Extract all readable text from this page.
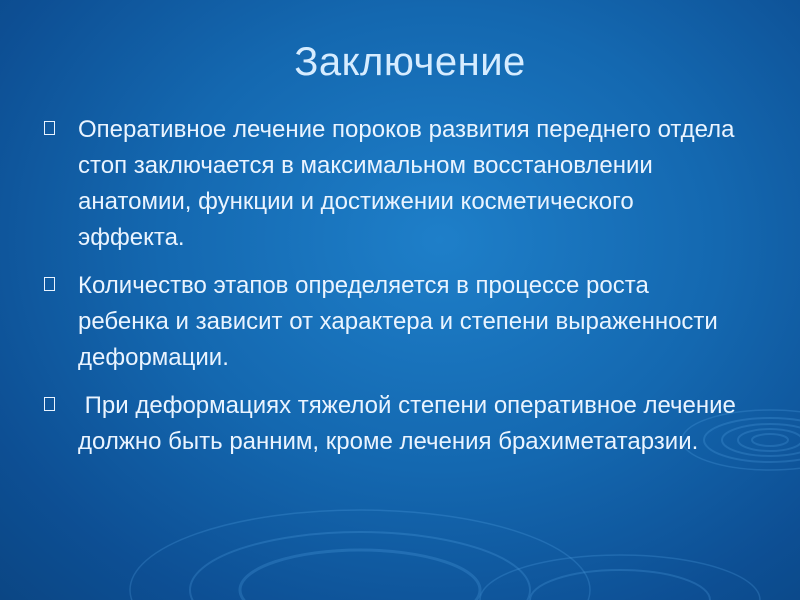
Заключение
Оперативное лечение пороков развития переднего отдела стоп заключается в максимальном восстановлении анатомии, функции и достижении косметического эффекта.
Количество этапов определяется в процессе роста ребенка и зависит от характера и степени выраженности деформации.
При деформациях тяжелой степени оперативное лечение должно быть ранним, кроме лечения брахиметатарзии.
